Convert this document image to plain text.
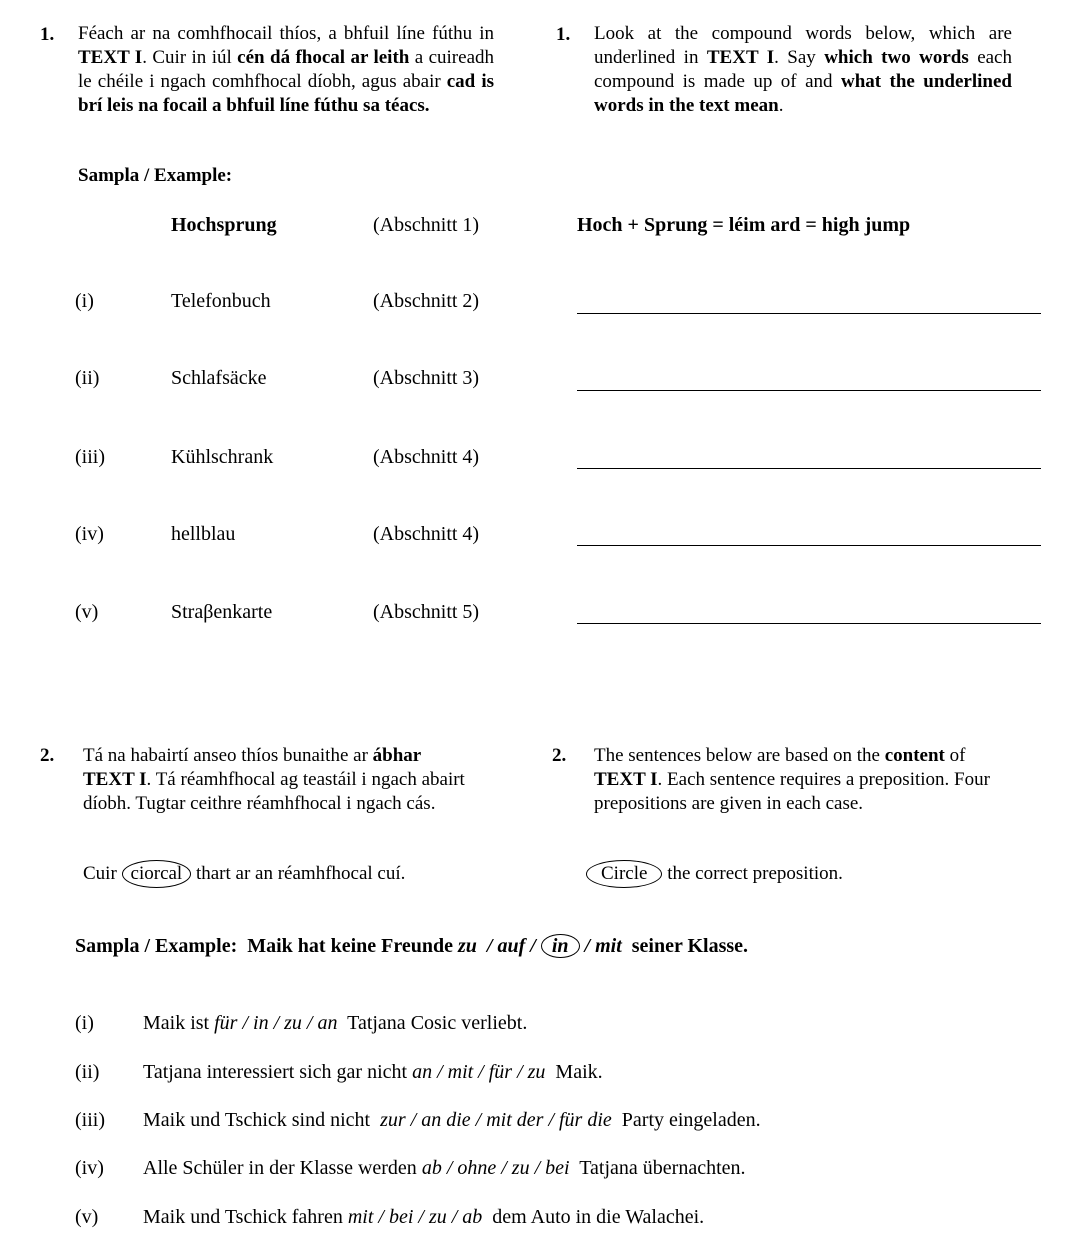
1. Féach ar na comhfhocail thíos, a bhfuil líne fúthu in TEXT I. Cuir in iúl cén dá fhocal ar leith a cuireadh le chéile i ngach comhfhocal díobh, agus abair cad is brí leis na focail a bhfuil líne fúthu sa téacs.
1. Look at the compound words below, which are underlined in TEXT I. Say which two words each compound is made up of and what the underlined words in the text mean.
Sampla / Example:
Hochsprung	(Abschnitt 1)	Hoch + Sprung = léim ard = high jump
(i)	Telefonbuch	(Abschnitt 2)
(ii)	Schlafsäcke	(Abschnitt 3)
(iii)	Kühlschrank	(Abschnitt 4)
(iv)	hellblau	(Abschnitt 4)
(v)	Straβenkarte	(Abschnitt 5)
2. Tá na habairtí anseo thíos bunaithe ar ábhar
TEXT I. Tá réamhfhocal ag teastáil i ngach abairt díobh. Tugtar ceithre réamhfhocal i ngach cás.
2. The sentences below are based on the content of
TEXT I. Each sentence requires a preposition. Four prepositions are given in each case.
Cuir ciorcal thart ar an réamhfhocal cuí.	Circle the correct preposition.
Sampla / Example:  Maik hat keine Freunde zu  / auf / in / mit  seiner Klasse.
(i) Maik ist für / in / zu / an  Tatjana Cosic verliebt.
(ii) Tatjana interessiert sich gar nicht an / mit / für / zu  Maik.
(iii) Maik und Tschick sind nicht  zur / an die / mit der / für die  Party eingeladen.
(iv) Alle Schüler in der Klasse werden ab / ohne / zu / bei  Tatjana übernachten.
(v) Maik und Tschick fahren mit / bei / zu / ab  dem Auto in die Walachei.
